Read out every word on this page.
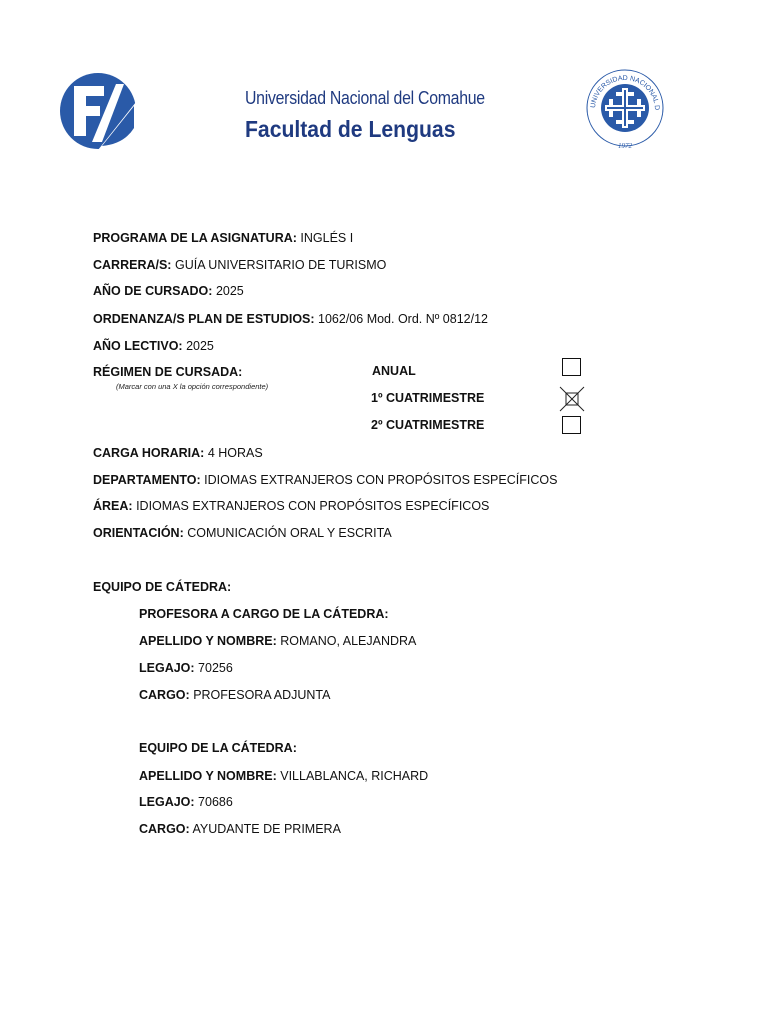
Universidad Nacional del Comahue
Facultad de Lenguas
UNIVERSIDAD NACIONAL D
1972
PROGRAMA DE LA ASIGNATURA: INGLÉS I
CARRERA/S: GUÍA UNIVERSITARIO DE TURISMO
AÑO DE CURSADO: 2025
ORDENANZA/S PLAN DE ESTUDIOS: 1062/06 Mod. Ord. Nº 0812/12
AÑO LECTIVO: 2025
RÉGIMEN DE CURSADA:
(Marcar con una X la opción correspondiente)
ANUAL
1º CUATRIMESTRE
2º CUATRIMESTRE
CARGA HORARIA: 4 HORAS
DEPARTAMENTO: IDIOMAS EXTRANJEROS CON PROPÓSITOS ESPECÍFICOS
ÁREA: IDIOMAS EXTRANJEROS CON PROPÓSITOS ESPECÍFICOS
ORIENTACIÓN: COMUNICACIÓN ORAL Y ESCRITA
EQUIPO DE CÁTEDRA:
PROFESORA A CARGO DE LA CÁTEDRA:
APELLIDO Y NOMBRE: ROMANO, ALEJANDRA
LEGAJO: 70256
CARGO: PROFESORA ADJUNTA
EQUIPO DE LA CÁTEDRA:
APELLIDO Y NOMBRE: VILLABLANCA, RICHARD
LEGAJO: 70686
CARGO: AYUDANTE DE PRIMERA
